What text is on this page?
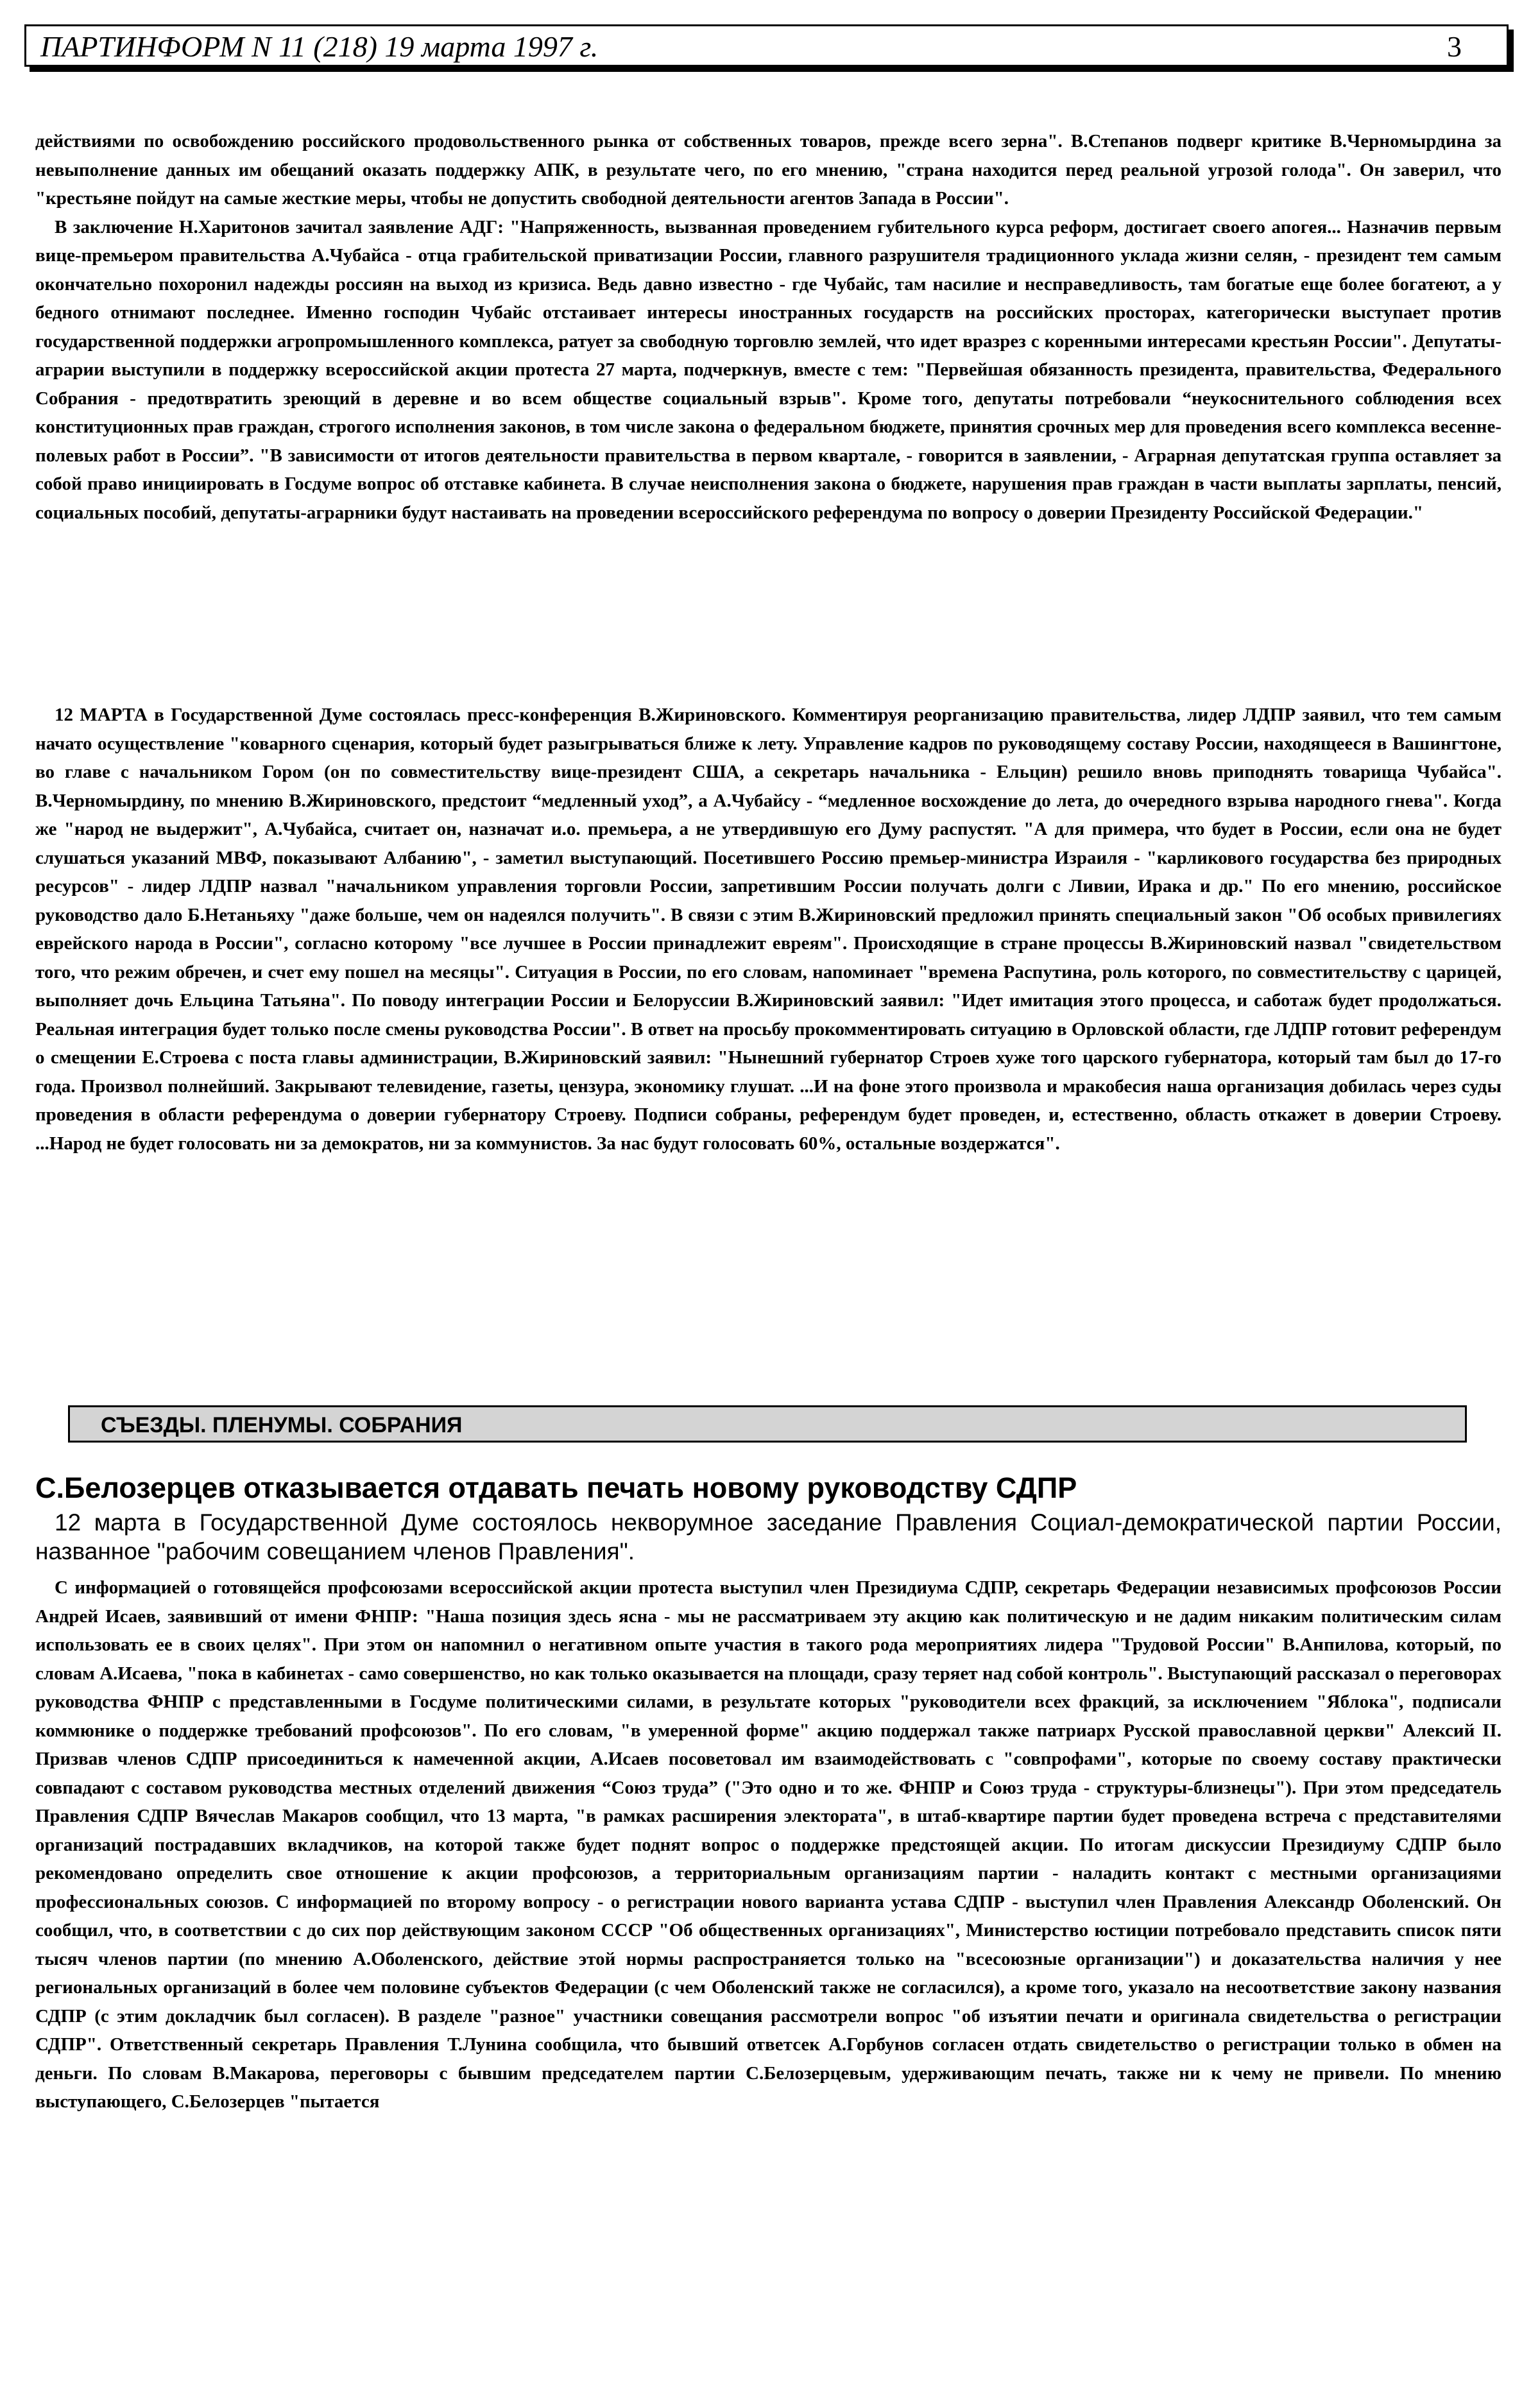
ПАРТИНФОРМ N 11 (218) 19 марта 1997 г.	3

действиями по освобождению российского продовольственного рынка от собственных товаров, прежде всего зерна". В.Степанов подверг критике В.Черномырдина за невыполнение данных им обещаний оказать поддержку АПК, в результате чего, по его мнению, "страна находится перед реальной угрозой голода". Он заверил, что "крестьяне пойдут на самые жесткие меры, чтобы не допустить свободной деятельности агентов Запада в России".

В заключение Н.Харитонов зачитал заявление АДГ: "Напряженность, вызванная проведением губительного курса реформ, достигает своего апогея... Назначив первым вице-премьером правительства А.Чубайса - отца грабительской приватизации России, главного разрушителя традиционного уклада жизни селян, - президент тем самым окончательно похоронил надежды россиян на выход из кризиса. Ведь давно известно - где Чубайс, там насилие и несправедливость, там богатые еще более богатеют, а у бедного отнимают последнее. Именно господин Чубайс отстаивает интересы иностранных государств на российских просторах, категорически выступает против государственной поддержки агропромышленного комплекса, ратует за свободную торговлю землей, что идет вразрез с коренными интересами крестьян России". Депутаты-аграрии выступили в поддержку всероссийской акции протеста 27 марта, подчеркнув, вместе с тем: "Первейшая обязанность президента, правительства, Федерального Собрания - предотвратить зреющий в деревне и во всем обществе социальный взрыв". Кроме того, депутаты потребовали “неукоснительного соблюдения всех конституционных прав граждан, строгого исполнения законов, в том числе закона о федеральном бюджете, принятия срочных мер для проведения всего комплекса весенне-полевых работ в России”. "В зависимости от итогов деятельности правительства в первом квартале, - говорится в заявлении, - Аграрная депутатская группа оставляет за собой право инициировать в Госдуме вопрос об отставке кабинета. В случае неисполнения закона о бюджете, нарушения прав граждан в части выплаты зарплаты, пенсий, социальных пособий, депутаты-аграрники будут настаивать на проведении всероссийского референдума по вопросу о доверии Президенту Российской Федерации."

12 МАРТА в Государственной Думе состоялась пресс-конференция В.Жириновского. Комментируя реорганизацию правительства, лидер ЛДПР заявил, что тем самым начато осуществление "коварного сценария, который будет разыгрываться ближе к лету. Управление кадров по руководящему составу России, находящееся в Вашингтоне, во главе с начальником Гором (он по совместительству вице-президент США, а секретарь начальника - Ельцин) решило вновь приподнять товарища Чубайса". В.Черномырдину, по мнению В.Жириновского, предстоит “медленный уход”, а А.Чубайсу - “медленное восхождение до лета, до очередного взрыва народного гнева". Когда же "народ не выдержит", А.Чубайса, считает он, назначат и.о. премьера, а не утвердившую его Думу распустят. "А для примера, что будет в России, если она не будет слушаться указаний МВФ, показывают Албанию", - заметил выступающий. Посетившего Россию премьер-министра Израиля - "карликового государства без природных ресурсов" - лидер ЛДПР назвал "начальником управления торговли России, запретившим России получать долги с Ливии, Ирака и др." По его мнению, российское руководство дало Б.Нетаньяху "даже больше, чем он надеялся получить". В связи с этим В.Жириновский предложил принять специальный закон "Об особых привилегиях еврейского народа в России", согласно которому "все лучшее в России принадлежит евреям". Происходящие в стране процессы В.Жириновский назвал "свидетельством того, что режим обречен, и счет ему пошел на месяцы". Ситуация в России, по его словам, напоминает "времена Распутина, роль которого, по совместительству с царицей, выполняет дочь Ельцина Татьяна". По поводу интеграции России и Белоруссии В.Жириновский заявил: "Идет имитация этого процесса, и саботаж будет продолжаться. Реальная интеграция будет только после смены руководства России". В ответ на просьбу прокомментировать ситуацию в Орловской области, где ЛДПР готовит референдум о смещении Е.Строева с поста главы администрации, В.Жириновский заявил: "Нынешний губернатор Строев хуже того царского губернатора, который там был до 17-го года. Произвол полнейший. Закрывают телевидение, газеты, цензура, экономику глушат. ...И на фоне этого произвола и мракобесия наша организация добилась через суды проведения в области референдума о доверии губернатору Строеву. Подписи собраны, референдум будет проведен, и, естественно, область откажет в доверии Строеву. ...Народ не будет голосовать ни за демократов, ни за коммунистов. За нас будут голосовать 60%, остальные воздержатся".

СЪЕЗДЫ. ПЛЕНУМЫ. СОБРАНИЯ
С.Белозерцев отказывается отдавать печать новому руководству СДПР

12 марта в Государственной Думе состоялось некворумное заседание Правления Социал-демократической партии России, названное "рабочим совещанием членов Правления".

С информацией о готовящейся профсоюзами всероссийской акции протеста выступил член Президиума СДПР, секретарь Федерации независимых профсоюзов России Андрей Исаев, заявивший от имени ФНПР: "Наша позиция здесь ясна - мы не рассматриваем эту акцию как политическую и не дадим никаким политическим силам использовать ее в своих целях". При этом он напомнил о негативном опыте участия в такого рода мероприятиях лидера "Трудовой России" В.Анпилова, который, по словам А.Исаева, "пока в кабинетах - само совершенство, но как только оказывается на площади, сразу теряет над собой контроль". Выступающий рассказал о переговорах руководства ФНПР с представленными в Госдуме политическими силами, в результате которых "руководители всех фракций, за исключением "Яблока", подписали коммюнике о поддержке требований профсоюзов". По его словам, "в умеренной форме" акцию поддержал также патриарх Русской православной церкви" Алексий II. Призвав членов СДПР присоединиться к намеченной акции, А.Исаев посоветовал им взаимодействовать с "совпрофами", которые по своему составу практически совпадают с составом руководства местных отделений движения “Союз труда” ("Это одно и то же. ФНПР и Союз труда - структуры-близнецы"). При этом председатель Правления СДПР Вячеслав Макаров сообщил, что 13 марта, "в рамках расширения электората", в штаб-квартире партии будет проведена встреча с представителями организаций пострадавших вкладчиков, на которой также будет поднят вопрос о поддержке предстоящей акции. По итогам дискуссии Президиуму СДПР было рекомендовано определить свое отношение к акции профсоюзов, а территориальным организациям партии - наладить контакт с местными организациями профессиональных союзов. С информацией по второму вопросу - о регистрации нового варианта устава СДПР - выступил член Правления Александр Оболенский. Он сообщил, что, в соответствии с до сих пор действующим законом СССР "Об общественных организациях", Министерство юстиции потребовало представить список пяти тысяч членов партии (по мнению А.Оболенского, действие этой нормы распространяется только на "всесоюзные организации") и доказательства наличия у нее региональных организаций в более чем половине субъектов Федерации (с чем Оболенский также не согласился), а кроме того, указало на несоответствие закону названия СДПР (с этим докладчик был согласен). В разделе "разное" участники совещания рассмотрели вопрос "об изъятии печати и оригинала свидетельства о регистрации СДПР". Ответственный секретарь Правления Т.Лунина сообщила, что бывший ответсек А.Горбунов согласен отдать свидетельство о регистрации только в обмен на деньги. По словам В.Макарова, переговоры с бывшим председателем партии С.Белозерцевым, удерживающим печать, также ни к чему не привели. По мнению выступающего, С.Белозерцев "пытается
